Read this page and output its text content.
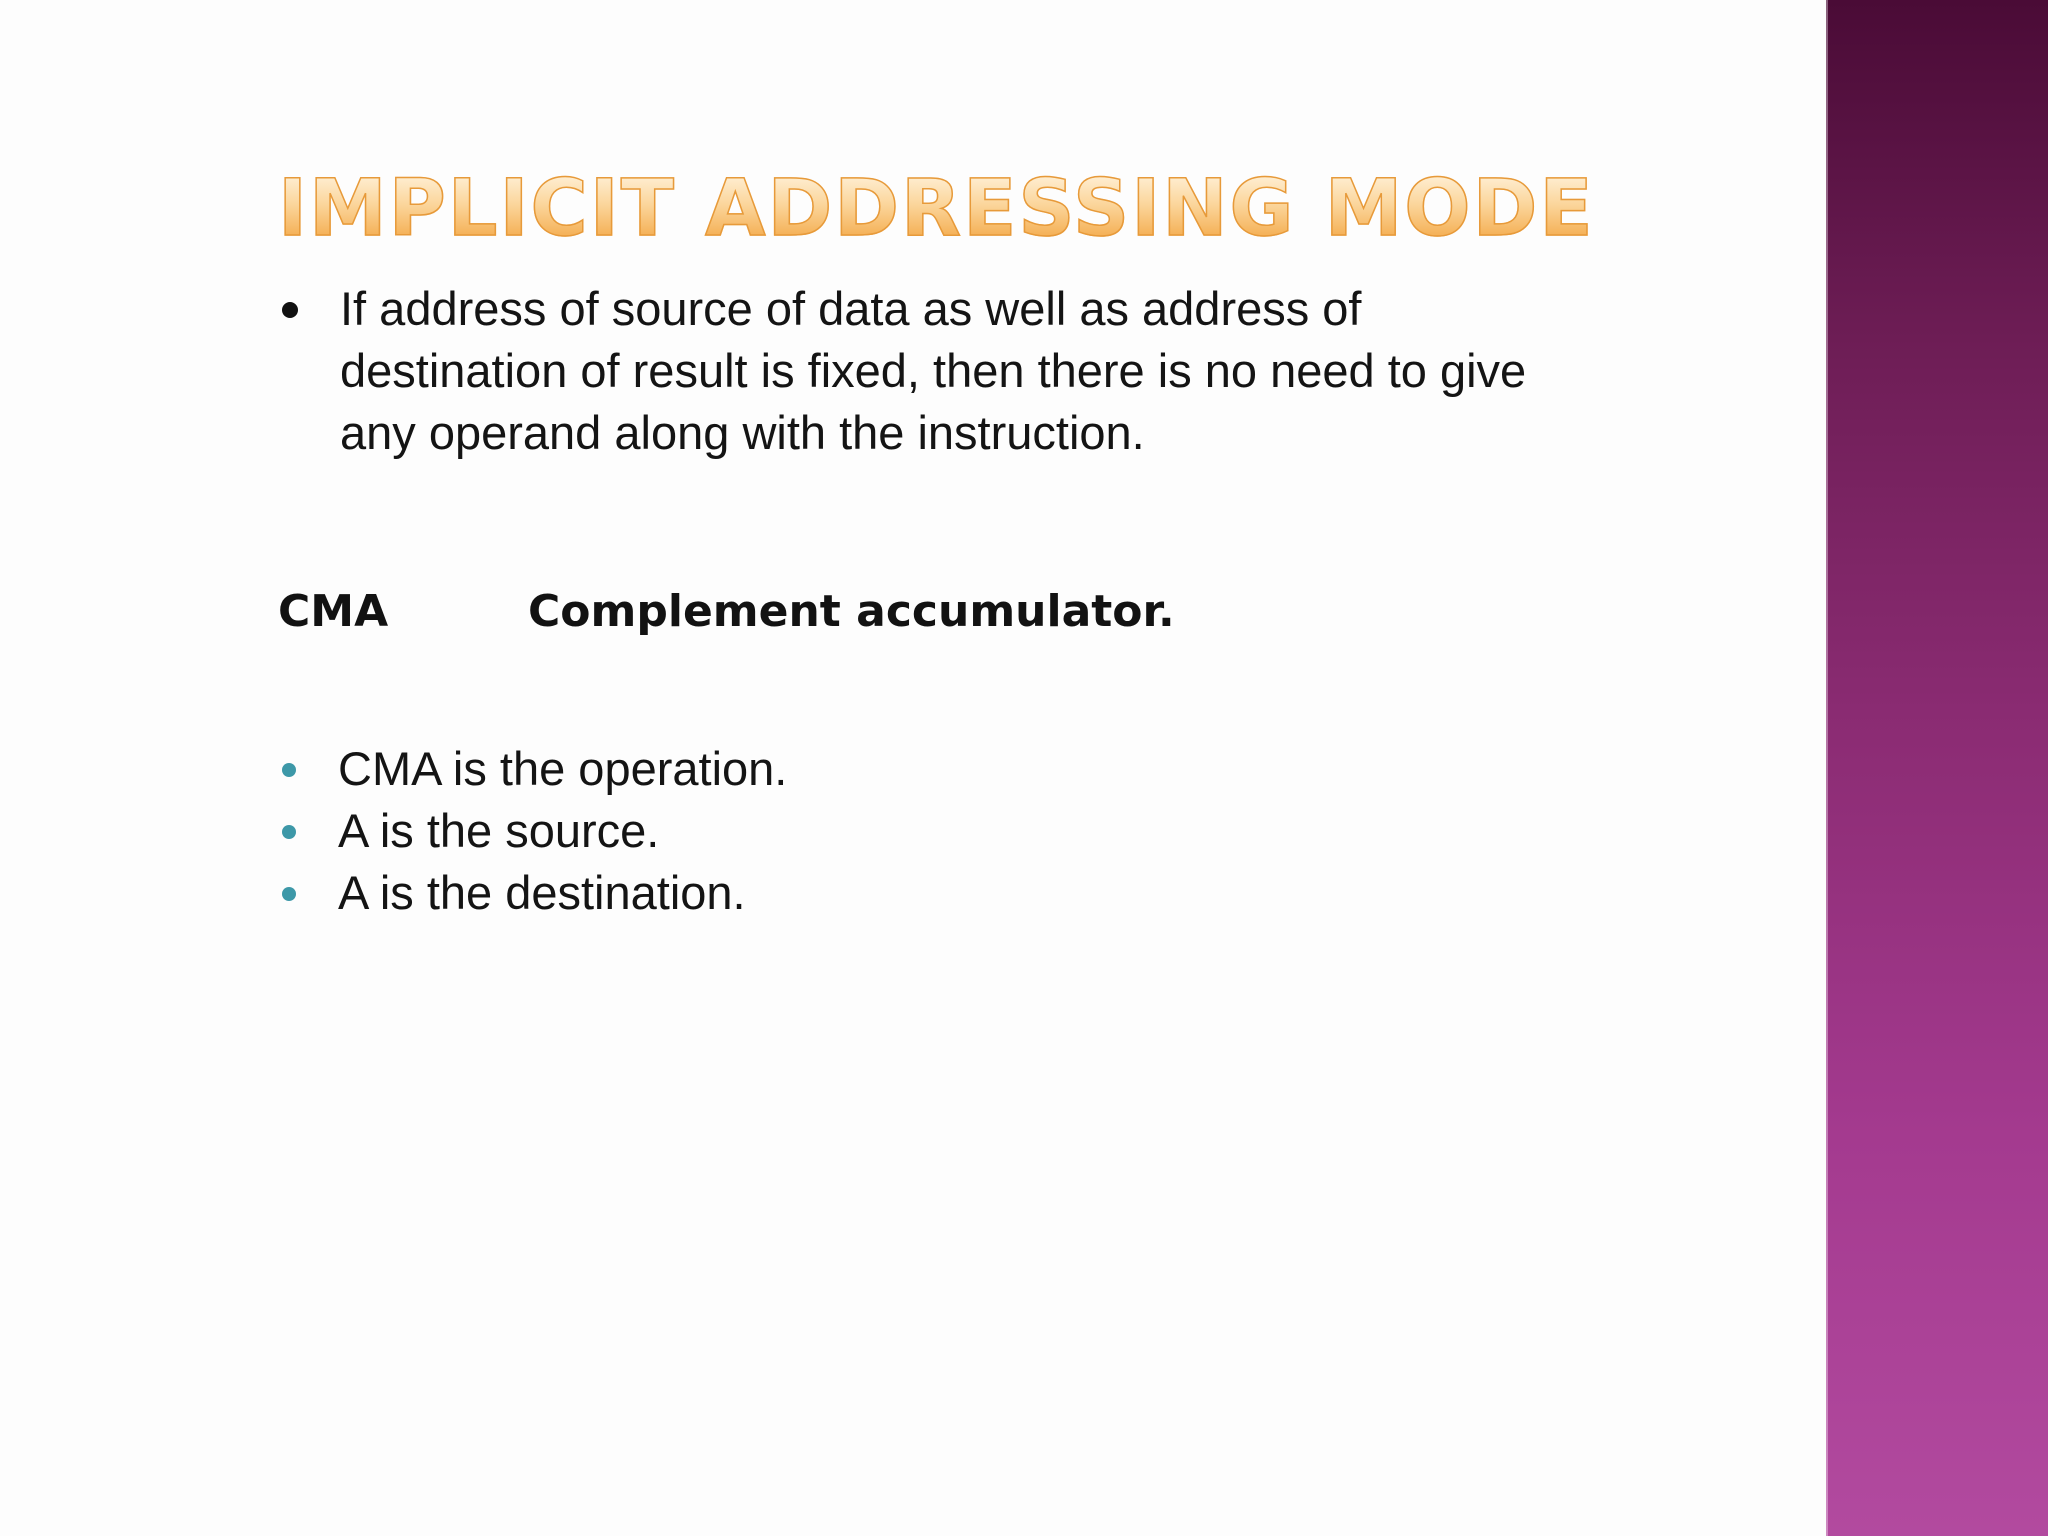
IMPLICIT ADDRESSING MODE
If address of source of data as well as address of destination of result is fixed, then there is no need to give any operand along with the instruction.
CMA	Complement accumulator.
CMA is the operation.
A is the source.
A is the destination.
